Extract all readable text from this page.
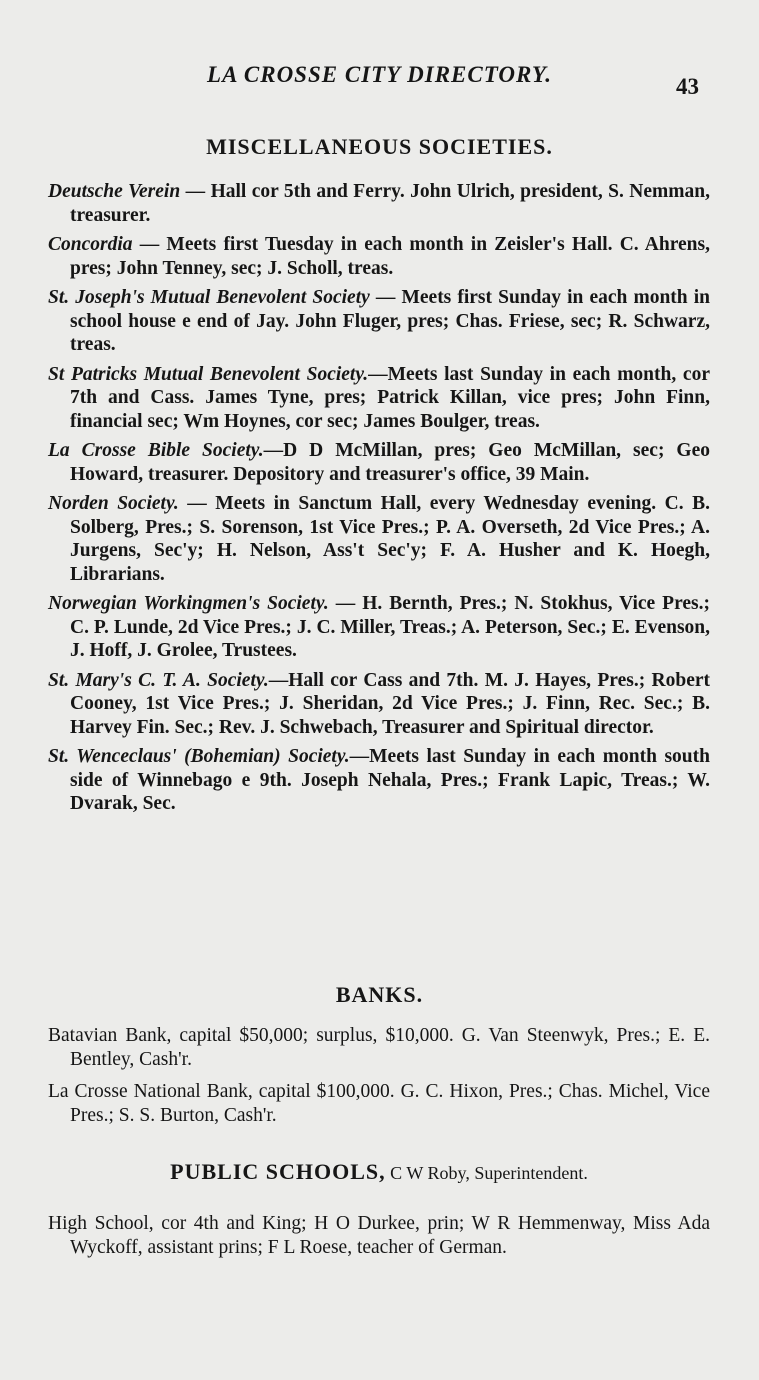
LA CROSSE CITY DIRECTORY.	43
MISCELLANEOUS SOCIETIES.

Deutsche Verein — Hall cor 5th and Ferry. John Ulrich, president, S. Nemman, treasurer.

Concordia — Meets first Tuesday in each month in Zeisler's Hall. C. Ahrens, pres; John Tenney, sec; J. Scholl, treas.

St. Joseph's Mutual Benevolent Society — Meets first Sunday in each month in school house e end of Jay. John Fluger, pres; Chas. Friese, sec; R. Schwarz, treas.

St Patricks Mutual Benevolent Society.—Meets last Sunday in each month, cor 7th and Cass. James Tyne, pres; Patrick Killan, vice pres; John Finn, financial sec; Wm Hoynes, cor sec; James Boulger, treas.

La Crosse Bible Society.—D D McMillan, pres; Geo McMillan, sec; Geo Howard, treasurer. Depository and treasurer's office, 39 Main.

Norden Society. — Meets in Sanctum Hall, every Wednesday evening. C. B. Solberg, Pres.; S. Sorenson, 1st Vice Pres.; P. A. Overseth, 2d Vice Pres.; A. Jurgens, Sec'y; H. Nelson, Ass't Sec'y; F. A. Husher and K. Hoegh, Librarians.

Norwegian Workingmen's Society. — H. Bernth, Pres.; N. Stokhus, Vice Pres.; C. P. Lunde, 2d Vice Pres.; J. C. Miller, Treas.; A. Peterson, Sec.; E. Evenson, J. Hoff, J. Grolee, Trustees.

St. Mary's C. T. A. Society.—Hall cor Cass and 7th. M. J. Hayes, Pres.; Robert Cooney, 1st Vice Pres.; J. Sheridan, 2d Vice Pres.; J. Finn, Rec. Sec.; B. Harvey Fin. Sec.; Rev. J. Schwebach, Treasurer and Spiritual director.

St. Wenceclaus' (Bohemian) Society.—Meets last Sunday in each month south side of Winnebago e 9th. Joseph Nehala, Pres.; Frank Lapic, Treas.; W. Dvarak, Sec.

BANKS.

Batavian Bank, capital $50,000; surplus, $10,000. G. Van Steenwyk, Pres.; E. E. Bentley, Cash'r.

La Crosse National Bank, capital $100,000. G. C. Hixon, Pres.; Chas. Michel, Vice Pres.; S. S. Burton, Cash'r.

PUBLIC SCHOOLS, C W Roby, Superintendent.

High School, cor 4th and King; H O Durkee, prin; W R Hemmenway, Miss Ada Wyckoff, assistant prins; F L Roese, teacher of German.
